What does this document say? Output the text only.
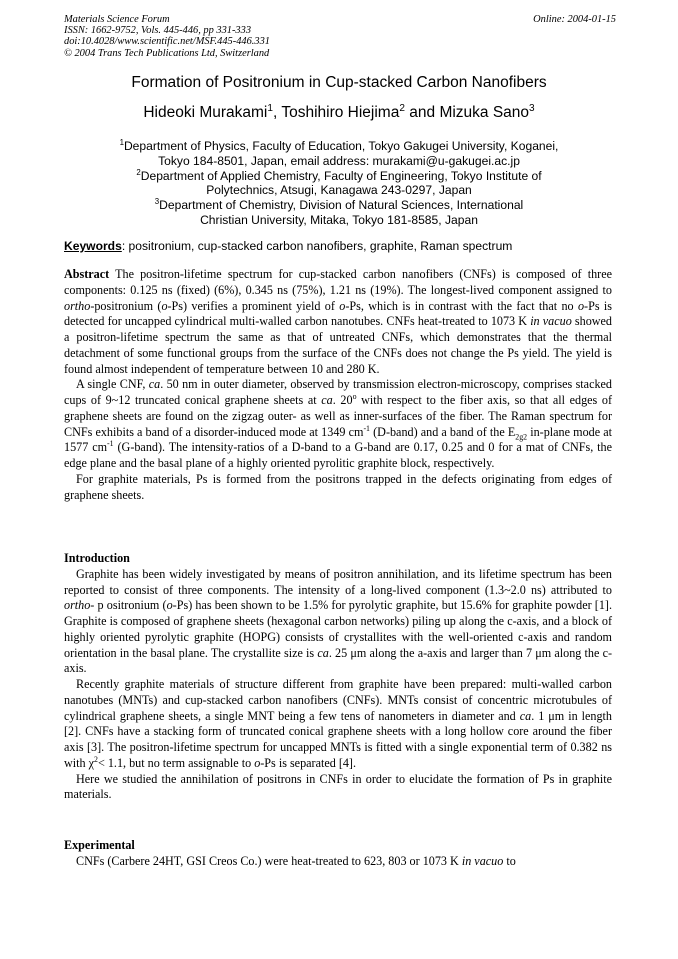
Materials Science Forum
ISSN: 1662-9752, Vols. 445-446, pp 331-333
doi:10.4028/www.scientific.net/MSF.445-446.331
© 2004 Trans Tech Publications Ltd, Switzerland
Online: 2004-01-15
Formation of Positronium in Cup-stacked Carbon Nanofibers
Hideoki Murakami$^1$, Toshihiro Hiejima$^2$ and Mizuka Sano$^3$
$^1$Department of Physics, Faculty of Education, Tokyo Gakugei University, Koganei,
Tokyo 184-8501, Japan, email address: murakami@u-gakugei.ac.jp
$^2$Department of Applied Chemistry, Faculty of Engineering, Tokyo Institute of
Polytechnics, Atsugi, Kanagawa 243-0297, Japan
$^3$Department of Chemistry, Division of Natural Sciences, International
Christian University, Mitaka, Tokyo 181-8585, Japan
Keywords: positronium, cup-stacked carbon nanofibers, graphite, Raman spectrum

Abstract The positron-lifetime spectrum for cup-stacked carbon nanofibers (CNFs) is composed of three components: 0.125 ns (fixed) (6%), 0.345 ns (75%), 1.21 ns (19%). The longest-lived component assigned to ortho-positronium (o-Ps) verifies a prominent yield of o-Ps, which is in contrast with the fact that no o-Ps is detected for uncapped cylindrical multi-walled carbon nanotubes. CNFs heat-treated to 1073 K in vacuo showed a positron-lifetime spectrum the same as that of untreated CNFs, which demonstrates that the thermal detachment of some functional groups from the surface of the CNFs does not change the Ps yield. The yield is found almost independent of temperature between 10 and 280 K.

A single CNF, ca. 50 nm in outer diameter, observed by transmission electron-microscopy, comprises stacked cups of 9~12 truncated conical graphene sheets at ca. 20$^o$ with respect to the fiber axis, so that all edges of graphene sheets are found on the zigzag outer- as well as inner-surfaces of the fiber. The Raman spectrum for CNFs exhibits a band of a disorder-induced mode at 1349 $cm^{-1}$ (D-band) and a band of the $E_{2g2}$ in-plane mode at 1577 $cm^{-1}$ (G-band). The intensity-ratios of a D-band to a G-band are 0.17, 0.25 and 0 for a mat of CNFs, the edge plane and the basal plane of a highly oriented pyrolitic graphite block, respectively.

For graphite materials, Ps is formed from the positrons trapped in the defects originating from edges of graphene sheets.

Introduction

Graphite has been widely investigated by means of positron annihilation, and its lifetime spectrum has been reported to consist of three components. The intensity of a long-lived component (1.3~2.0 ns) attributed to ortho- p ositronium (o-Ps) has been shown to be 1.5% for pyrolytic graphite, but 15.6% for graphite powder [1]. Graphite is composed of graphene sheets (hexagonal carbon networks) piling up along the c-axis, and a block of highly oriented pyrolytic graphite (HOPG) consists of crystallites with the well-oriented c-axis and random orientation in the basal plane. The crystallite size is ca. 25 μm along the a-axis and larger than 7 μm along the c-axis.

Recently graphite materials of structure different from graphite have been prepared: multi-walled carbon nanotubes (MNTs) and cup-stacked carbon nanofibers (CNFs). MNTs consist of concentric microtubules of cylindrical graphene sheets, a single MNT being a few tens of nanometers in diameter and ca. 1 μm in length [2]. CNFs have a stacking form of truncated conical graphene sheets with a long hollow core around the fiber axis [3]. The positron-lifetime spectrum for uncapped MNTs is fitted with a single exponential term of 0.382 ns with $\chi^2< 1.1$, but no term assignable to o-Ps is separated [4].

Here we studied the annihilation of positrons in CNFs in order to elucidate the formation of Ps in graphite materials.

Experimental

CNFs (Carbere 24HT, GSI Creos Co.) were heat-treated to 623, 803 or 1073 K in vacuo to
